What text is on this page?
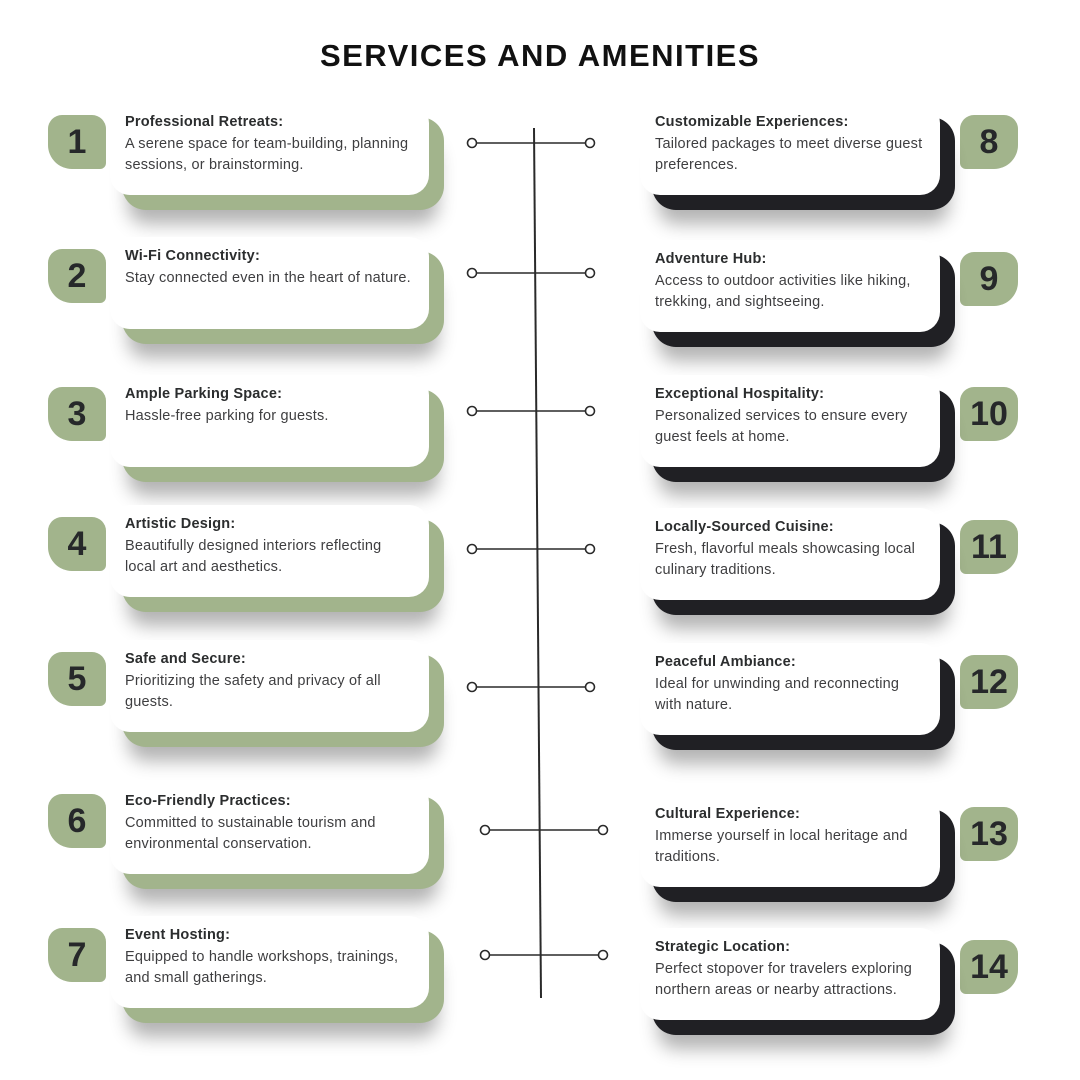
SERVICES AND AMENITIES
1
Professional Retreats:
A serene space for team-building, planning sessions, or brainstorming.
2
Wi-Fi Connectivity:
Stay connected even in the heart of nature.
3
Ample Parking Space:
Hassle-free parking for guests.
4
Artistic Design:
Beautifully designed interiors reflecting local art and aesthetics.
5
Safe and Secure:
Prioritizing the safety and privacy of all guests.
6
Eco-Friendly Practices:
Committed to sustainable tourism and environmental conservation.
7
Event Hosting:
Equipped to handle workshops, trainings, and small gatherings.
Customizable Experiences:
Tailored packages to meet diverse guest preferences.
8
Adventure Hub:
Access to outdoor activities like hiking, trekking, and sightseeing.
9
Exceptional Hospitality:
Personalized services to ensure every guest feels at home.
10
Locally-Sourced Cuisine:
Fresh, flavorful meals showcasing local culinary traditions.
11
Peaceful Ambiance:
Ideal for unwinding and reconnecting with nature.
12
Cultural Experience:
Immerse yourself in local heritage and traditions.
13
Strategic Location:
Perfect stopover for travelers exploring northern areas or nearby attractions.
14
